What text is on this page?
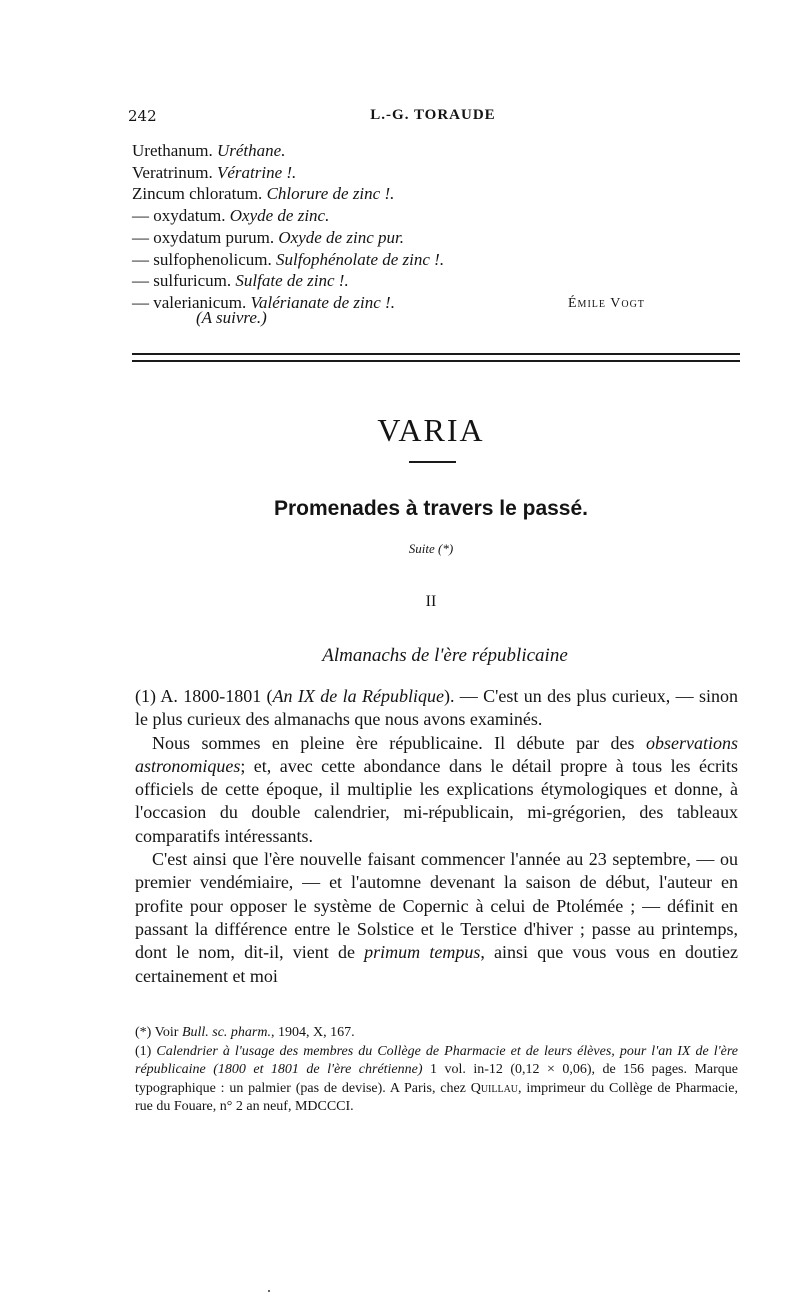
242	L.-G. TORAUDE
Urethanum. Uréthane.
Veratrinum. Vératrine !.
Zincum chloratum. Chlorure de zinc !.
— oxydatum. Oxyde de zinc.
— oxydatum purum. Oxyde de zinc pur.
— sulfophenolicum. Sulfophénolate de zinc !.
— sulfuricum. Sulfate de zinc !.
— valerianicum. Valérianate de zinc !.	Émile Vogt
(A suivre.)
VARIA
Promenades à travers le passé.
Suite (*)
II
Almanachs de l'ère républicaine

(1) A. 1800-1801 (An IX de la République). — C'est un des plus curieux, — sinon le plus curieux des almanachs que nous avons examinés.

Nous sommes en pleine ère républicaine. Il débute par des observations astronomiques; et, avec cette abondance dans le détail propre à tous les écrits officiels de cette époque, il multiplie les explications étymologiques et donne, à l'occasion du double calendrier, mi-républicain, mi-grégorien, des tableaux comparatifs intéressants.

C'est ainsi que l'ère nouvelle faisant commencer l'année au 23 septembre, — ou premier vendémiaire, — et l'automne devenant la saison de début, l'auteur en profite pour opposer le système de Copernic à celui de Ptolémée ; — définit en passant la différence entre le Solstice et le Terstice d'hiver ; passe au printemps, dont le nom, dit-il, vient de primum tempus, ainsi que vous vous en doutiez certainement et moi

(*) Voir Bull. sc. pharm., 1904, X, 167.

(1) Calendrier à l'usage des membres du Collège de Pharmacie et de leurs élèves, pour l'an IX de l'ère républicaine (1800 et 1801 de l'ère chrétienne) 1 vol. in-12 (0,12 × 0,06), de 156 pages. Marque typographique : un palmier (pas de devise). A Paris, chez Quillau, imprimeur du Collège de Pharmacie, rue du Fouare, n° 2 an neuf, MDCCCI.
